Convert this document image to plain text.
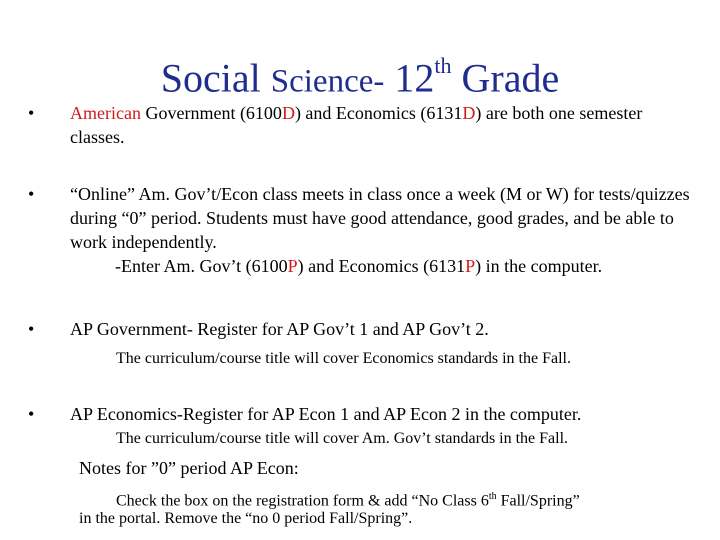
Social Science- 12th Grade
• American Government (6100D) and Economics (6131D) are both one semester classes.
• “Online” Am. Gov’t/Econ class meets in class once a week (M or W) for tests/quizzes during “0” period. Students must have good attendance, good grades, and be able to work independently.
-Enter Am. Gov’t (6100P) and Economics (6131P) in the computer.
• AP Government- Register for AP Gov’t 1 and AP Gov’t 2.
The curriculum/course title will cover Economics standards in the Fall.
• AP Economics-Register for AP Econ 1 and AP Econ 2 in the computer.
The curriculum/course title will cover Am. Gov’t standards in the Fall.
Notes for ”0” period AP Econ:
Check the box on the registration form & add “No Class 6th Fall/Spring”
in the portal. Remove the “no 0 period Fall/Spring”.
